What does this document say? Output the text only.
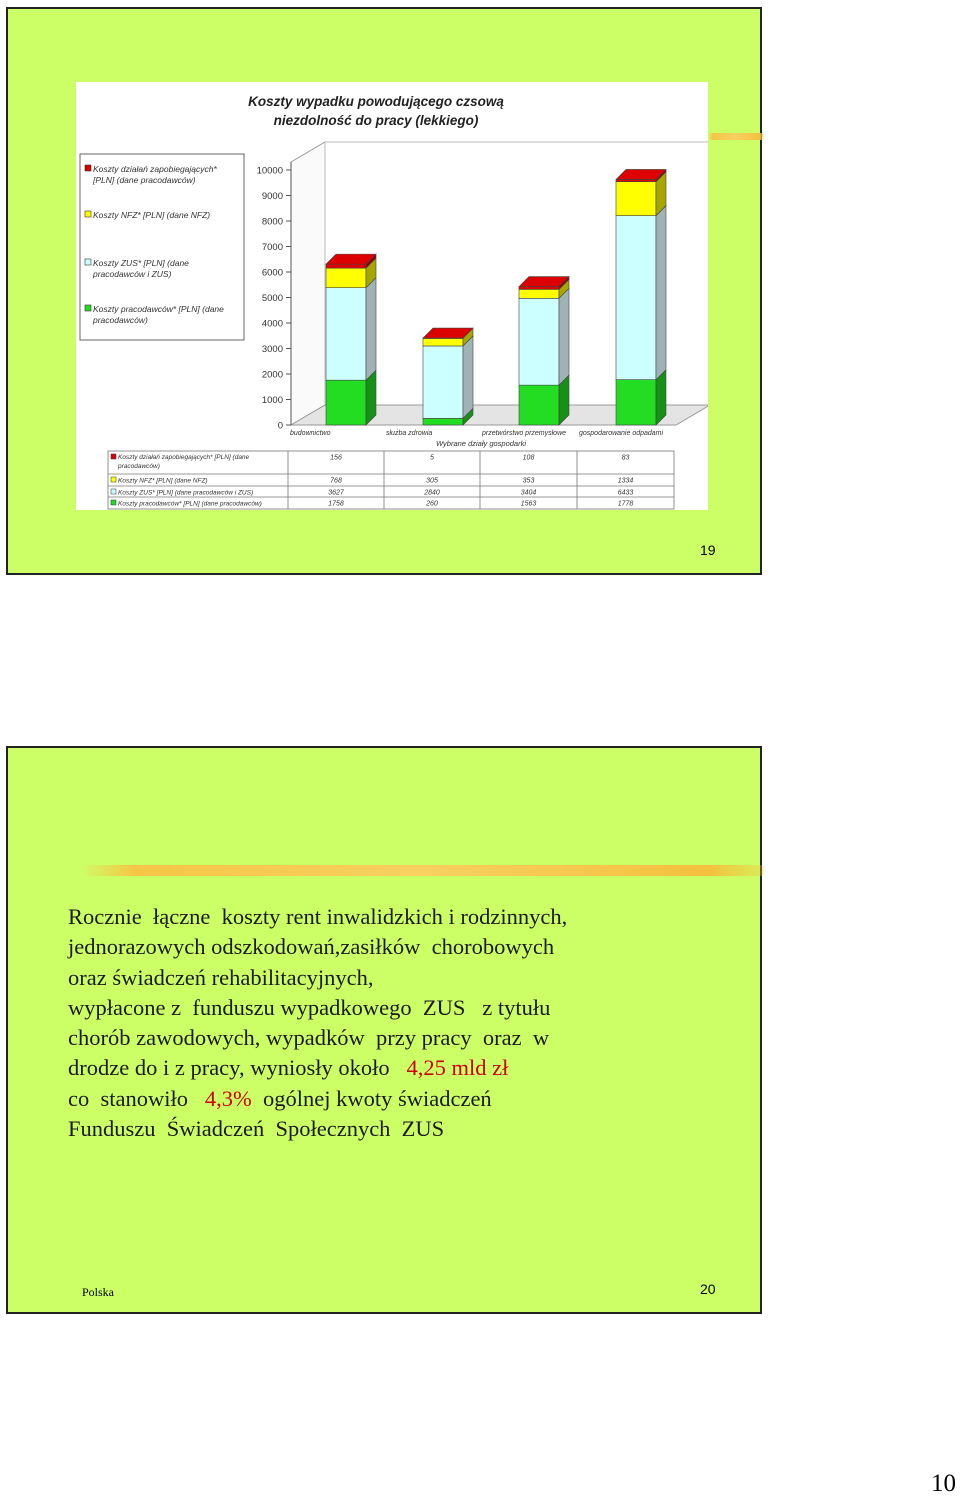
Koszty wypadku powodującego czsową
niezdolność do pracy (lekkiego)
0
1000
2000
3000
4000
5000
6000
7000
8000
9000
10000
Koszty działań zapobiegających*
[PLN] (dane pracodawców)
Koszty NFZ* [PLN] (dane NFZ)
Koszty ZUS* [PLN] (dane
pracodawców i ZUS)
Koszty pracodawców* [PLN] (dane
pracodawców)
budownictwo	służba zdrowia	przetwórstwo przemysłowe gospodarowanie odpadami
Wybrane działy gospodarki
Koszty działań zapobiegających* [PLN] (dane
pracodawców)
156	5	108	83
Koszty NFZ* [PLN] (dane NFZ)	768	305	353	1334
Koszty ZUS* [PLN] (dane pracodawców i ZUS)	3627	2840	3404	6433
Koszty pracodawców* [PLN] (dane pracodawców)	1758	260	1563	1778
19
Rocznie  łączne  koszty rent inwalidzkich i rodzinnych,
jednorazowych odszkodowań,zasiłków  chorobowych
oraz świadczeń rehabilitacyjnych,
wypłacone z  funduszu wypadkowego  ZUS   z tytułu
chorób zawodowych, wypadków  przy pracy  oraz  w
drodze do i z pracy, wyniosły około   4,25 mld zł
co  stanowiło   4,3%  ogólnej kwoty świadczeń
Funduszu  Świadczeń  Społecznych  ZUS
Polska	20
10
